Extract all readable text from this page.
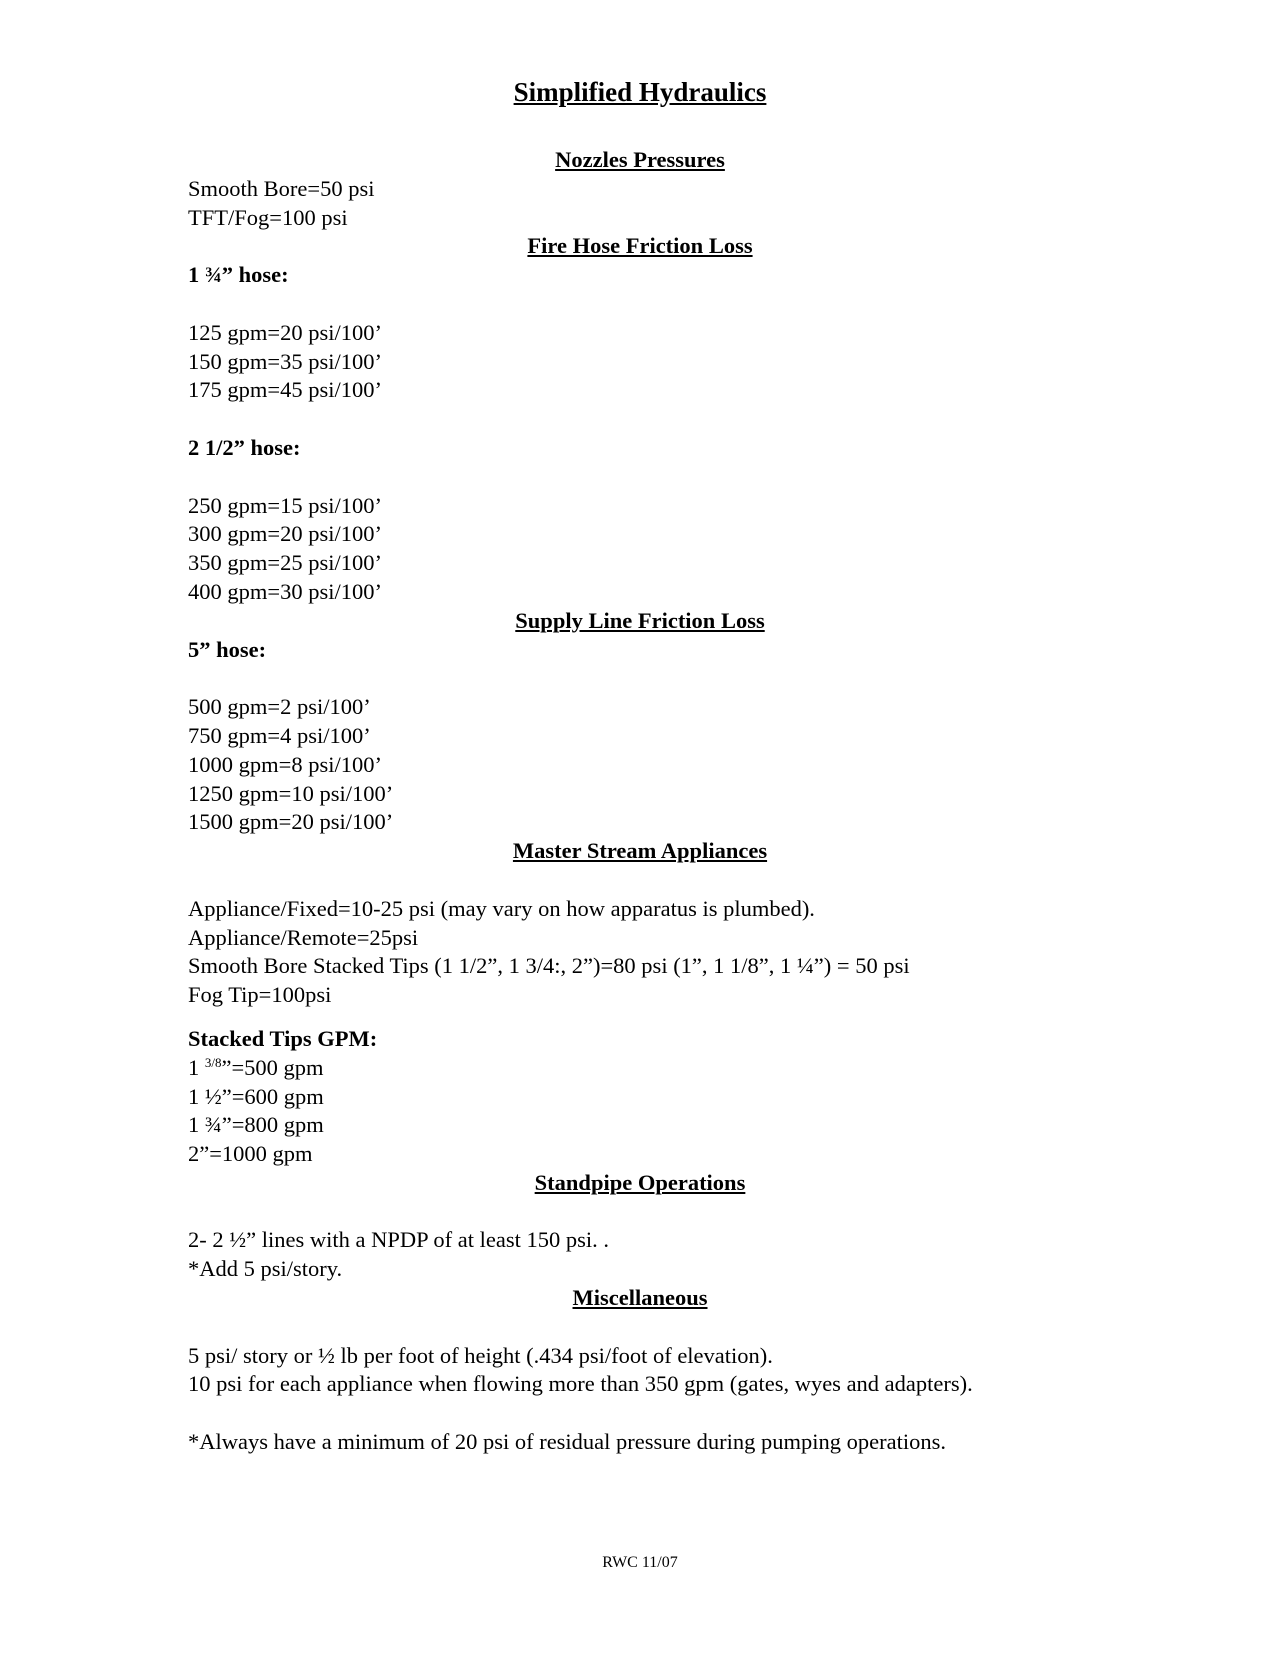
Simplified Hydraulics
Nozzles Pressures
Smooth Bore=50 psi
TFT/Fog=100 psi
Fire Hose Friction Loss
1 ¾” hose:
125 gpm=20 psi/100’
150 gpm=35 psi/100’
175 gpm=45 psi/100’
2 1/2” hose:
250 gpm=15 psi/100’
300 gpm=20 psi/100’
350 gpm=25 psi/100’
400 gpm=30 psi/100’
Supply Line Friction Loss
5” hose:
500 gpm=2 psi/100’
750 gpm=4 psi/100’
1000 gpm=8 psi/100’
1250 gpm=10 psi/100’
1500 gpm=20 psi/100’
Master Stream Appliances
Appliance/Fixed=10-25 psi (may vary on how apparatus is plumbed).
Appliance/Remote=25psi
Smooth Bore Stacked Tips (1 1/2”, 1 3/4:, 2”)=80 psi (1”, 1 1/8”, 1 ¼”) = 50 psi
Fog Tip=100psi
Stacked Tips GPM:
1 $^{3/8}$”=500 gpm
1 ½”=600 gpm
1 ¾”=800 gpm
2”=1000 gpm
Standpipe Operations
2- 2 ½” lines with a NPDP of at least 150 psi. .
*Add 5 psi/story.
Miscellaneous
5 psi/ story or ½ lb per foot of height (.434 psi/foot of elevation).
10 psi for each appliance when flowing more than 350 gpm (gates, wyes and adapters).
*Always have a minimum of 20 psi of residual pressure during pumping operations.
RWC 11/07
